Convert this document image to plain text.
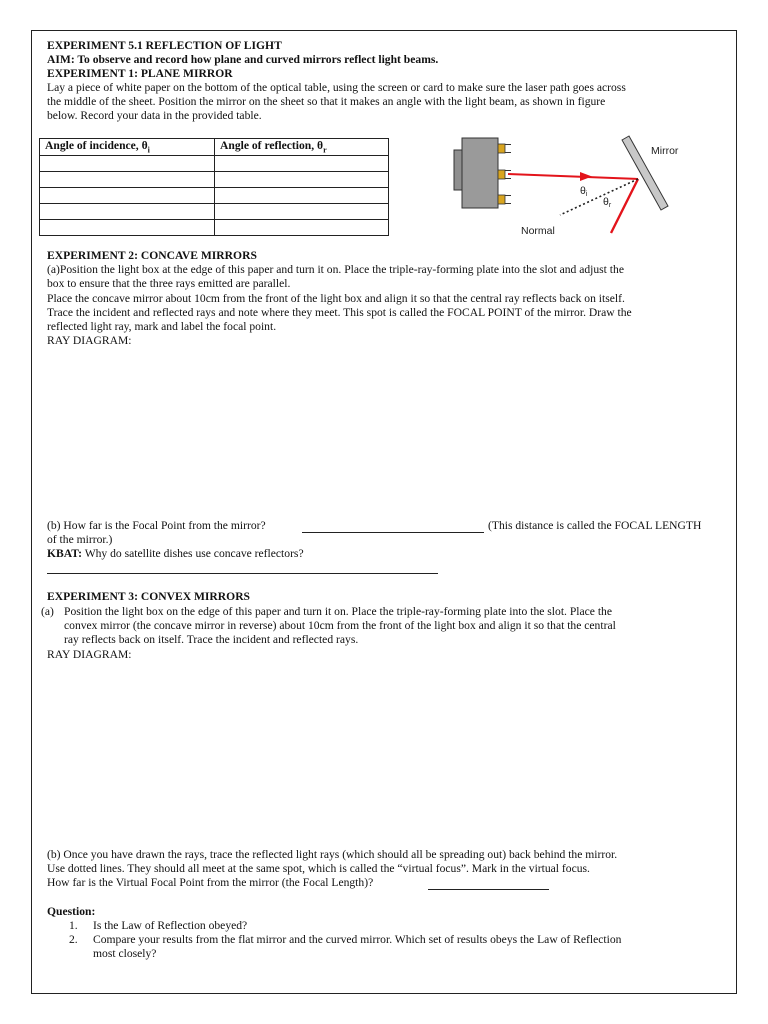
EXPERIMENT 5.1 REFLECTION OF LIGHT
AIM: To observe and record how plane and curved mirrors reflect light beams.
EXPERIMENT 1: PLANE MIRROR
Lay a piece of white paper on the bottom of the optical table, using the screen or card to make sure the laser path goes across
the middle of the sheet. Position the mirror on the sheet so that it makes an angle with the light beam, as shown in figure
below. Record your data in the provided table.
Angle of incidence, $\theta_i$	Angle of reflection, $\theta_r$

		Mirror
Normal
θi
θr
EXPERIMENT 2: CONCAVE MIRRORS
(a)Position the light box at the edge of this paper and turn it on. Place the triple-ray-forming plate into the slot and adjust the
box to ensure that the three rays emitted are parallel.
Place the concave mirror about 10cm from the front of the light box and align it so that the central ray reflects back on itself.
Trace the incident and reflected rays and note where they meet. This spot is called the FOCAL POINT of the mirror. Draw the
reflected light ray, mark and label the focal point.
RAY DIAGRAM:
(b) How far is the Focal Point from the mirror?	(This distance is called the FOCAL LENGTH
of the mirror.)
KBAT: Why do satellite dishes use concave reflectors?
EXPERIMENT 3: CONVEX MIRRORS
(a) Position the light box on the edge of this paper and turn it on. Place the triple-ray-forming plate into the slot. Place the
convex mirror (the concave mirror in reverse) about 10cm from the front of the light box and align it so that the central
ray reflects back on itself. Trace the incident and reflected rays.
RAY DIAGRAM:
(b) Once you have drawn the rays, trace the reflected light rays (which should all be spreading out) back behind the mirror.
Use dotted lines. They should all meet at the same spot, which is called the “virtual focus”. Mark in the virtual focus.
How far is the Virtual Focal Point from the mirror (the Focal Length)?
Question:
1. Is the Law of Reflection obeyed?
2. Compare your results from the flat mirror and the curved mirror. Which set of results obeys the Law of Reflection
most closely?
